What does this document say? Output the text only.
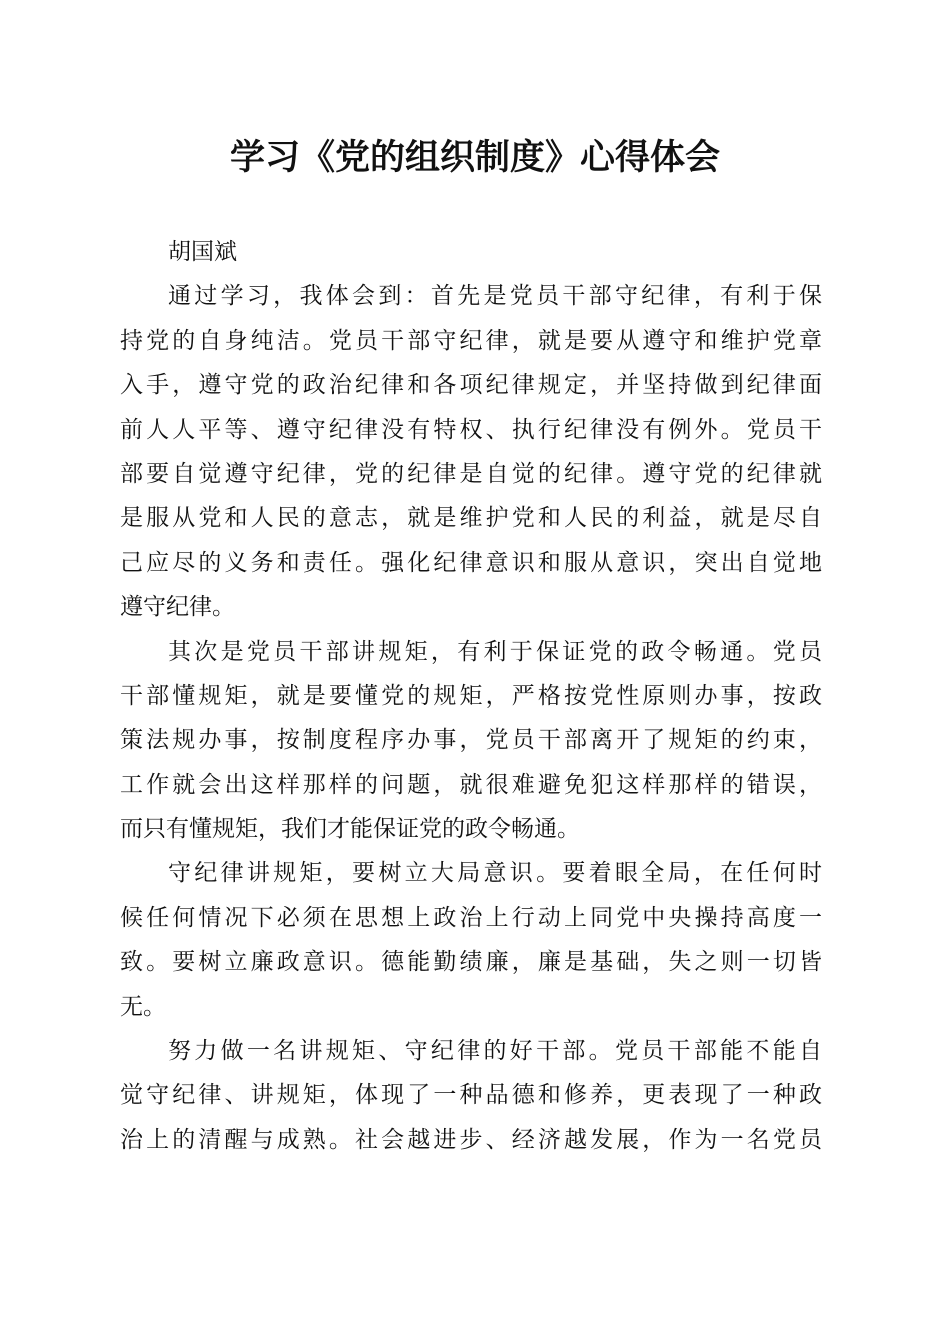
学习《党的组织制度》心得体会
胡国斌
通过学习，我体会到：首先是党员干部守纪律，有利于保
持党的自身纯洁。党员干部守纪律，就是要从遵守和维护党章
入手，遵守党的政治纪律和各项纪律规定，并坚持做到纪律面
前人人平等、遵守纪律没有特权、执行纪律没有例外。党员干
部要自觉遵守纪律，党的纪律是自觉的纪律。遵守党的纪律就
是服从党和人民的意志，就是维护党和人民的利益，就是尽自
己应尽的义务和责任。强化纪律意识和服从意识，突出自觉地
遵守纪律。
其次是党员干部讲规矩，有利于保证党的政令畅通。党员
干部懂规矩，就是要懂党的规矩，严格按党性原则办事，按政
策法规办事，按制度程序办事，党员干部离开了规矩的约束，
工作就会出这样那样的问题，就很难避免犯这样那样的错误，
而只有懂规矩，我们才能保证党的政令畅通。
守纪律讲规矩，要树立大局意识。要着眼全局，在任何时
候任何情况下必须在思想上政治上行动上同党中央操持高度一
致。要树立廉政意识。德能勤绩廉，廉是基础，失之则一切皆
无。
努力做一名讲规矩、守纪律的好干部。党员干部能不能自
觉守纪律、讲规矩，体现了一种品德和修养，更表现了一种政
治上的清醒与成熟。社会越进步、经济越发展，作为一名党员
